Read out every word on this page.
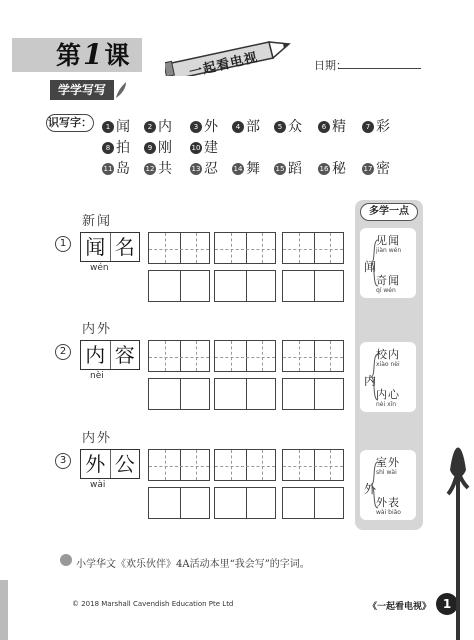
第1课	一起看电视	日期：
学学写写
识写字：	1 闻	2 内	3 外	4 部	5 众	6 精	7 彩
8 拍	9 刚	10 建
11 岛 12 共	13 忍 14 舞 15 蹈	16 秘	17 密
多学一点
闻
见闻
jiàn wén
奇闻
qí wén
内
校内
xiào nèi
内心
nèi xīn
外
室外
shì wài
外表
wài biǎo
新闻
1 闻 名
wén
内外
2 内 容
nèi
内外
3 外 公
wài
小学华文《欢乐伙伴》4A活动本里“我会写”的字词。
© 2018 Marshall Cavendish Education Pte Ltd	《一起看电视》 1
